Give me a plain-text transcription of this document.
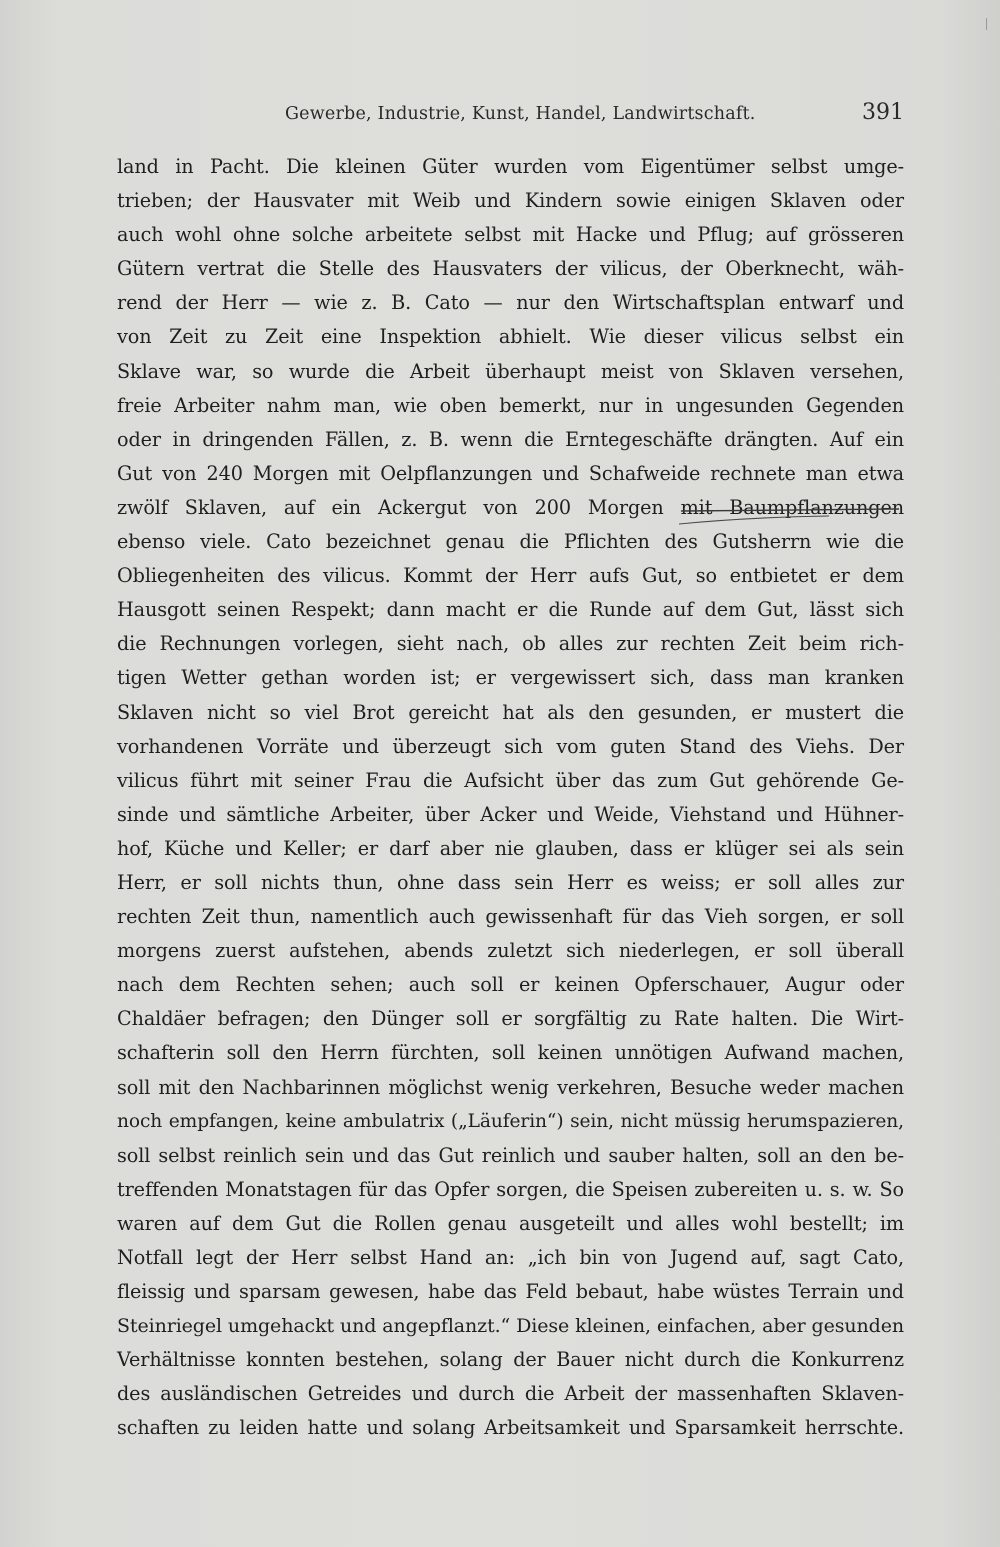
Gewerbe, Industrie, Kunst, Handel, Landwirtschaft.	391
land in Pacht. Die kleinen Güter wurden vom Eigentümer selbst umge-
trieben; der Hausvater mit Weib und Kindern sowie einigen Sklaven oder
auch wohl ohne solche arbeitete selbst mit Hacke und Pflug; auf grösseren
Gütern vertrat die Stelle des Hausvaters der vilicus, der Oberknecht, wäh-
rend der Herr — wie z. B. Cato — nur den Wirtschaftsplan entwarf und
von Zeit zu Zeit eine Inspektion abhielt. Wie dieser vilicus selbst ein
Sklave war, so wurde die Arbeit überhaupt meist von Sklaven versehen,
freie Arbeiter nahm man, wie oben bemerkt, nur in ungesunden Gegenden
oder in dringenden Fällen, z. B. wenn die Erntegeschäfte drängten. Auf ein
Gut von 240 Morgen mit Oelpflanzungen und Schafweide rechnete man etwa
zwölf Sklaven, auf ein Ackergut von 200 Morgen mit Baumpflanzungen
ebenso viele. Cato bezeichnet genau die Pflichten des Gutsherrn wie die
Obliegenheiten des vilicus. Kommt der Herr aufs Gut, so entbietet er dem
Hausgott seinen Respekt; dann macht er die Runde auf dem Gut, lässt sich
die Rechnungen vorlegen, sieht nach, ob alles zur rechten Zeit beim rich-
tigen Wetter gethan worden ist; er vergewissert sich, dass man kranken
Sklaven nicht so viel Brot gereicht hat als den gesunden, er mustert die
vorhandenen Vorräte und überzeugt sich vom guten Stand des Viehs. Der
vilicus führt mit seiner Frau die Aufsicht über das zum Gut gehörende Ge-
sinde und sämtliche Arbeiter, über Acker und Weide, Viehstand und Hühner-
hof, Küche und Keller; er darf aber nie glauben, dass er klüger sei als sein
Herr, er soll nichts thun, ohne dass sein Herr es weiss; er soll alles zur
rechten Zeit thun, namentlich auch gewissenhaft für das Vieh sorgen, er soll
morgens zuerst aufstehen, abends zuletzt sich niederlegen, er soll überall
nach dem Rechten sehen; auch soll er keinen Opferschauer, Augur oder
Chaldäer befragen; den Dünger soll er sorgfältig zu Rate halten. Die Wirt-
schafterin soll den Herrn fürchten, soll keinen unnötigen Aufwand machen,
soll mit den Nachbarinnen möglichst wenig verkehren, Besuche weder machen
noch empfangen, keine ambulatrix („Läuferin“) sein, nicht müssig herumspazieren,
soll selbst reinlich sein und das Gut reinlich und sauber halten, soll an den be-
treffenden Monatstagen für das Opfer sorgen, die Speisen zubereiten u. s. w. So
waren auf dem Gut die Rollen genau ausgeteilt und alles wohl bestellt; im
Notfall legt der Herr selbst Hand an: „ich bin von Jugend auf, sagt Cato,
fleissig und sparsam gewesen, habe das Feld bebaut, habe wüstes Terrain und
Steinriegel umgehackt und angepflanzt.“ Diese kleinen, einfachen, aber gesunden
Verhältnisse konnten bestehen, solang der Bauer nicht durch die Konkurrenz
des ausländischen Getreides und durch die Arbeit der massenhaften Sklaven-
schaften zu leiden hatte und solang Arbeitsamkeit und Sparsamkeit herrschte.
